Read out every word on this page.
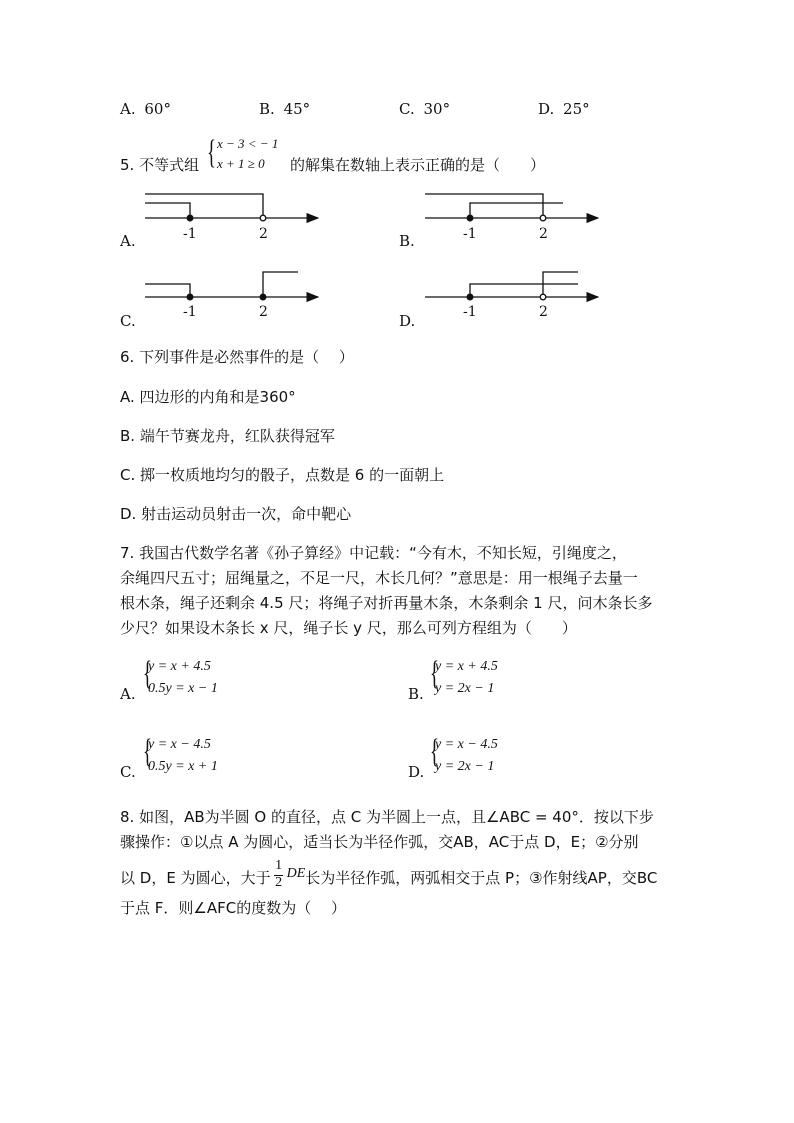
A. 60°	B. 45°	C. 30°	D. 25°
5. 不等式组 { x − 3 < − 1
x + 1 ≥ 0	的解集在数轴上表示正确的是（　　）
-1	2	-1	2
-1	2	-1	2
A.	B.
C.	D.
6. 下列事件是必然事件的是（　 ）
A. 四边形的内角和是360°
B. 端午节赛龙舟，红队获得冠军
C. 掷一枚质地均匀的骰子，点数是 6 的一面朝上
D. 射击运动员射击一次，命中靶心
7. 我国古代数学名著《孙子算经》中记载：“今有木，不知长短，引绳度之，
余绳四尺五寸；屈绳量之，不足一尺，木长几何？”意思是：用一根绳子去量一
根木条，绳子还剩余 4.5 尺；将绳子对折再量木条，木条剩余 1 尺，问木条长多
少尺？如果设木条长 x 尺，绳子长 y 尺，那么可列方程组为（　　）
A.
{
y = x + 4.5
0.5y = x − 1	B.
{
y = x + 4.5
y = 2x − 1
C.
{
y = x − 4.5
0.5y = x + 1	D.
{
y = x − 4.5
y = 2x − 1
8. 如图，AB为半圆 O 的直径，点 C 为半圆上一点，且∠ABC = 40°．按以下步
骤操作：①以点 A 为圆心，适当长为半径作弧，交AB，AC于点 D，E；②分别
以 D，E 为圆心，大于 $\frac{1}{2}$ DE长为半径作弧，两弧相交于点 P；③作射线AP，交BC
于点 F．则∠AFC的度数为（　 ）
